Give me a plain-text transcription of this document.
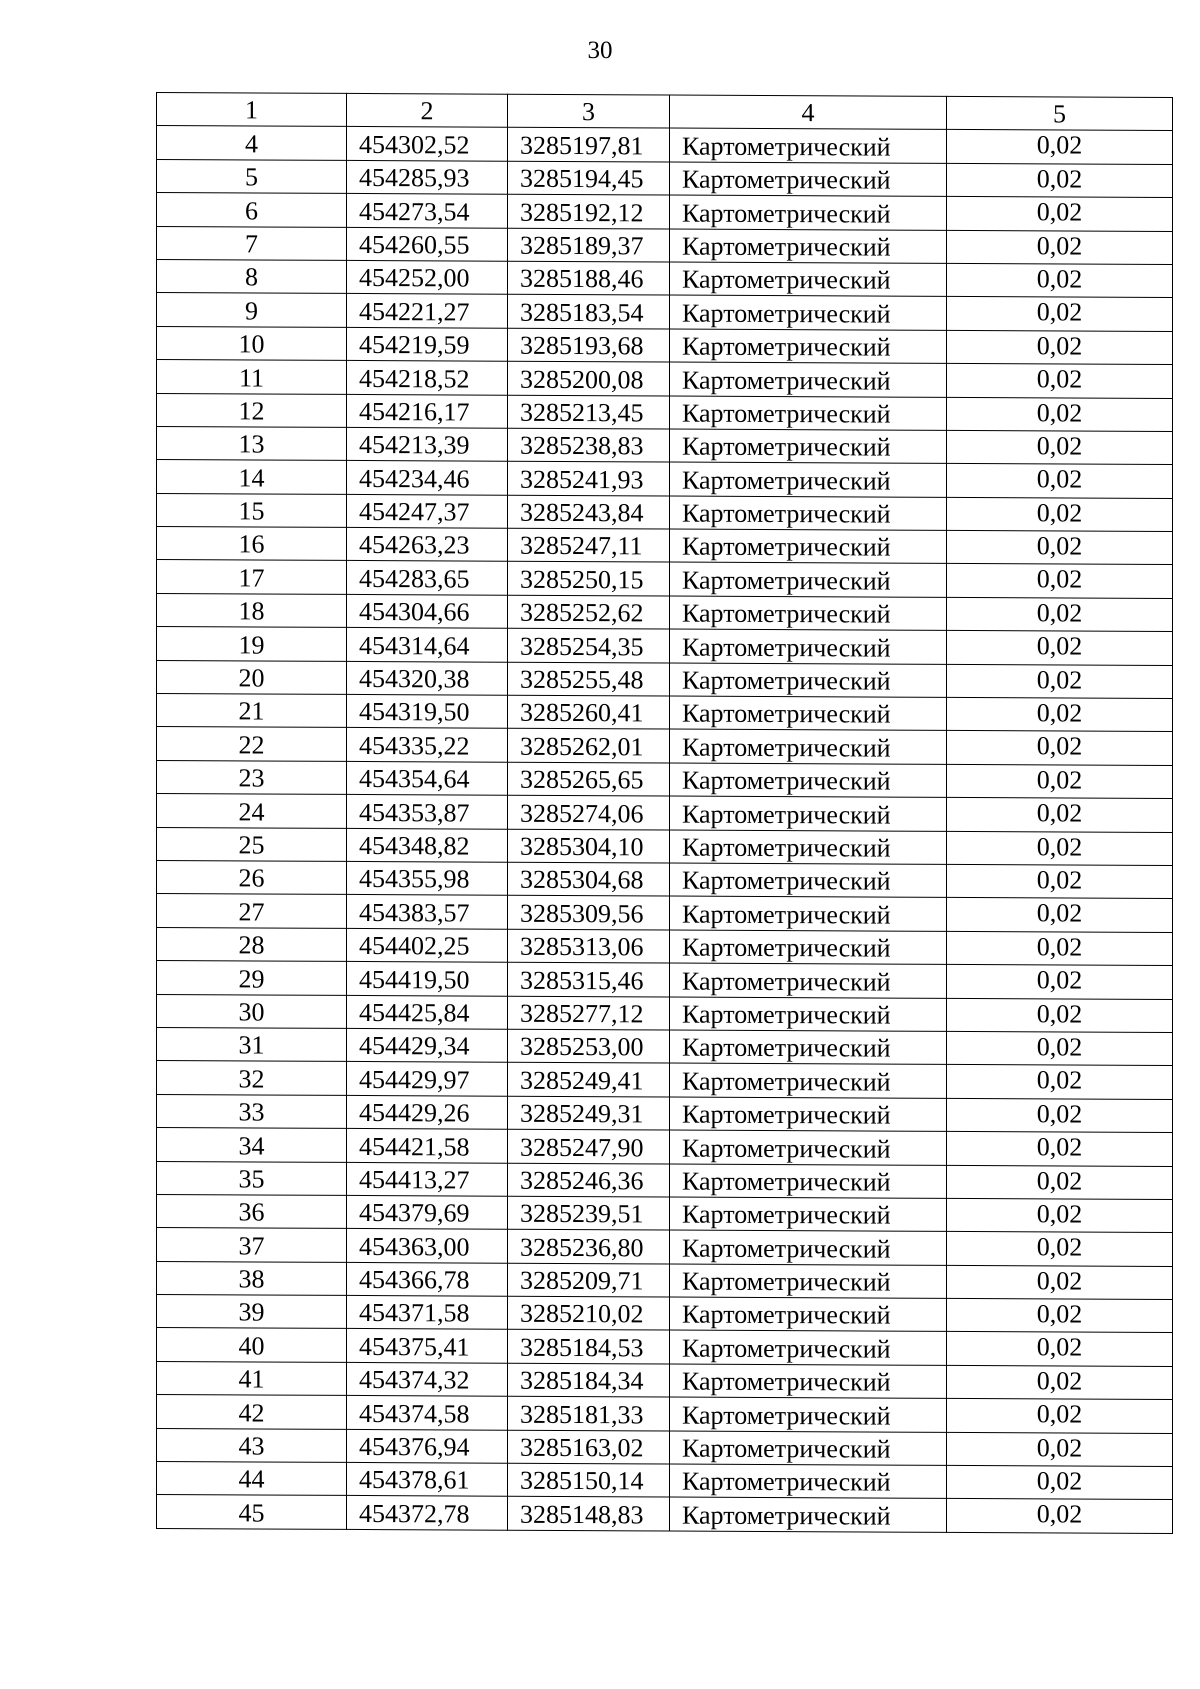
30
1	2	3	4	5
4	454302,52	3285197,81	Картометрический	0,02
5	454285,93	3285194,45	Картометрический	0,02
6	454273,54	3285192,12	Картометрический	0,02
7	454260,55	3285189,37	Картометрический	0,02
8	454252,00	3285188,46	Картометрический	0,02
9	454221,27	3285183,54	Картометрический	0,02
10	454219,59	3285193,68	Картометрический	0,02
11	454218,52	3285200,08	Картометрический	0,02
12	454216,17	3285213,45	Картометрический	0,02
13	454213,39	3285238,83	Картометрический	0,02
14	454234,46	3285241,93	Картометрический	0,02
15	454247,37	3285243,84	Картометрический	0,02
16	454263,23	3285247,11	Картометрический	0,02
17	454283,65	3285250,15	Картометрический	0,02
18	454304,66	3285252,62	Картометрический	0,02
19	454314,64	3285254,35	Картометрический	0,02
20	454320,38	3285255,48	Картометрический	0,02
21	454319,50	3285260,41	Картометрический	0,02
22	454335,22	3285262,01	Картометрический	0,02
23	454354,64	3285265,65	Картометрический	0,02
24	454353,87	3285274,06	Картометрический	0,02
25	454348,82	3285304,10	Картометрический	0,02
26	454355,98	3285304,68	Картометрический	0,02
27	454383,57	3285309,56	Картометрический	0,02
28	454402,25	3285313,06	Картометрический	0,02
29	454419,50	3285315,46	Картометрический	0,02
30	454425,84	3285277,12	Картометрический	0,02
31	454429,34	3285253,00	Картометрический	0,02
32	454429,97	3285249,41	Картометрический	0,02
33	454429,26	3285249,31	Картометрический	0,02
34	454421,58	3285247,90	Картометрический	0,02
35	454413,27	3285246,36	Картометрический	0,02
36	454379,69	3285239,51	Картометрический	0,02
37	454363,00	3285236,80	Картометрический	0,02
38	454366,78	3285209,71	Картометрический	0,02
39	454371,58	3285210,02	Картометрический	0,02
40	454375,41	3285184,53	Картометрический	0,02
41	454374,32	3285184,34	Картометрический	0,02
42	454374,58	3285181,33	Картометрический	0,02
43	454376,94	3285163,02	Картометрический	0,02
44	454378,61	3285150,14	Картометрический	0,02
45	454372,78	3285148,83	Картометрический	0,02
